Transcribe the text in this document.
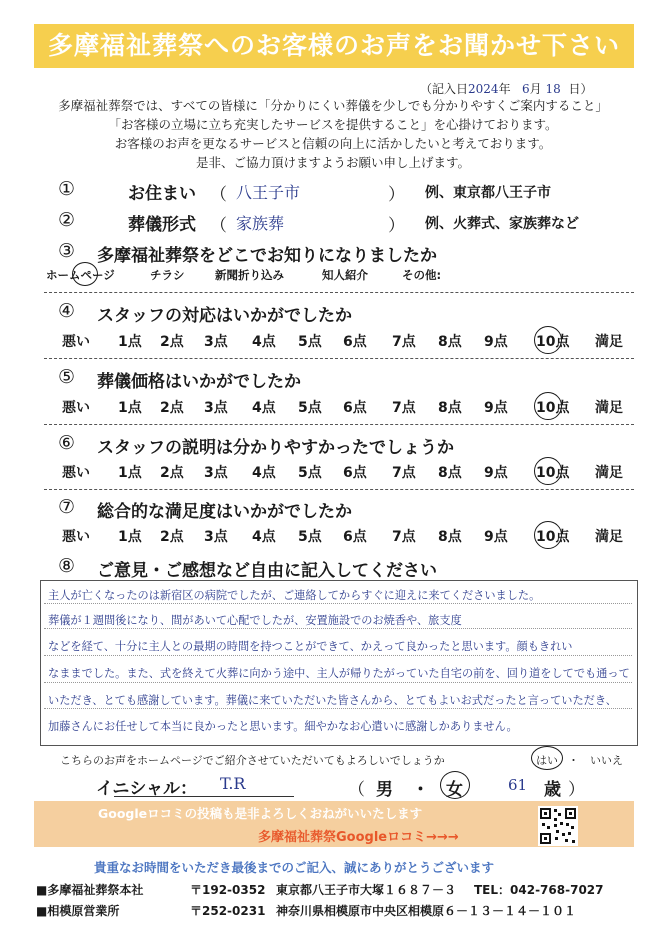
多摩福祉葬祭へのお客様のお声をお聞かせ下さい
（記入日2024年 6月 18 日）
多摩福祉葬祭では、すべての皆様に「分かりにくい葬儀を少しでも分かりやすくご案内すること」
「お客様の立場に立ち充実したサービスを提供すること」を心掛けております。
お客様のお声を更なるサービスと信頼の向上に活かしたいと考えております。
是非、ご協力頂けますようお願い申し上げます。
①	お住まい （ 八王子市	） 例、東京都八王子市
②	葬儀形式 （ 家族葬	） 例、火葬式、家族葬など
③ 多摩福祉葬祭をどこでお知りになりましたか
ホームページ	チラシ	新聞折り込み	知人紹介	その他:
④ スタッフの対応はいかがでしたか
悪い 1点 2点 3点 4点 5点 6点 7点 8点 9点 10点 満足
⑤ 葬儀価格はいかがでしたか
悪い 1点 2点 3点 4点 5点 6点 7点 8点 9点 10点 満足
⑥ スタッフの説明は分かりやすかったでしょうか
悪い 1点 2点 3点 4点 5点 6点 7点 8点 9点 10点 満足
⑦ 総合的な満足度はいかがでしたか
悪い 1点 2点 3点 4点 5点 6点 7点 8点 9点 10点 満足
⑧ ご意見・ご感想など自由に記入してください
主人が亡くなったのは新宿区の病院でしたが、ご連絡してからすぐに迎えに来てくださいました。
葬儀が１週間後になり、間があいて心配でしたが、安置施設でのお焼香や、旅支度
などを経て、十分に主人との最期の時間を持つことができて、かえって良かったと思います。顔もきれい
なままでした。また、式を終えて火葬に向かう途中、主人が帰りたがっていた自宅の前を、回り道をしてでも通って
いただき、とても感謝しています。葬儀に来ていただいた皆さんから、とてもよいお式だったと言っていただき、
加藤さんにお任せして本当に良かったと思います。細やかなお心遣いに感謝しかありません。
こちらのお声をホームページでご紹介させていただいてもよろしいでしょうか	はい ・ いいえ
イニシャル： T.R	（ 男 ・ 女	61 歳 ）
Googleロコミの投稿も是非よろしくおねがいいたします
多摩福祉葬祭Googleロコミ→→→
貴重なお時間をいただき最後までのご記入、誠にありがとうございます
■多摩福祉葬祭本社	〒192-0352 東京都八王子市大塚１６８７－３ TEL：042-768-7027
■相模原営業所	〒252-0231 神奈川県相模原市中央区相模原６－１３－１４－１０１
